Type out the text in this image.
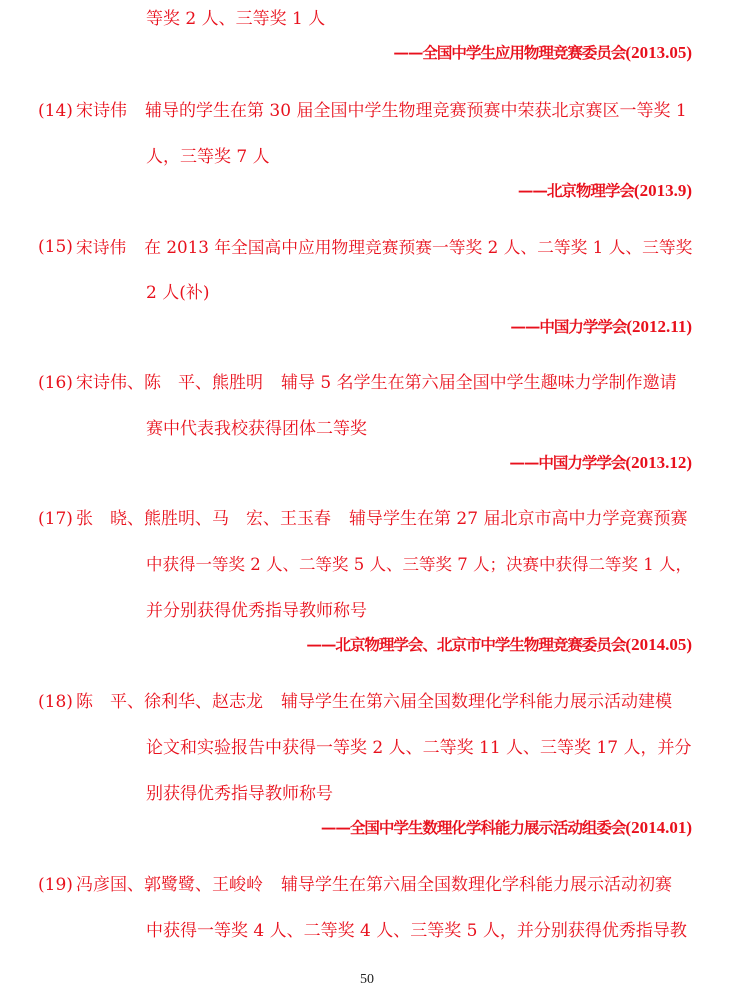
等奖 2 人、三等奖 1 人
——全国中学生应用物理竞赛委员会(2013.05)
(14) 宋诗伟 辅导的学生在第 30 届全国中学生物理竞赛预赛中荣获北京赛区一等奖 1
人，三等奖 7 人
——北京物理学会(2013.9)
(15) 宋诗伟 在 2013 年全国高中应用物理竞赛预赛一等奖 2 人、二等奖 1 人、三等奖
2 人(补)
——中国力学学会(2012.11)
(16) 宋诗伟、陈　平、熊胜明 辅导 5 名学生在第六届全国中学生趣味力学制作邀请
赛中代表我校获得团体二等奖
——中国力学学会(2013.12)
(17) 张　晓、熊胜明、马　宏、王玉春 辅导学生在第 27 届北京市高中力学竞赛预赛
中获得一等奖 2 人、二等奖 5 人、三等奖 7 人；决赛中获得二等奖 1 人，
并分别获得优秀指导教师称号
——北京物理学会、北京市中学生物理竞赛委员会(2014.05)
(18) 陈　平、徐利华、赵志龙 辅导学生在第六届全国数理化学科能力展示活动建模
论文和实验报告中获得一等奖 2 人、二等奖 11 人、三等奖 17 人，并分
别获得优秀指导教师称号
——全国中学生数理化学科能力展示活动组委会(2014.01)
(19) 冯彦国、郭鹭鹭、王峻岭 辅导学生在第六届全国数理化学科能力展示活动初赛
中获得一等奖 4 人、二等奖 4 人、三等奖 5 人，并分别获得优秀指导教
50
